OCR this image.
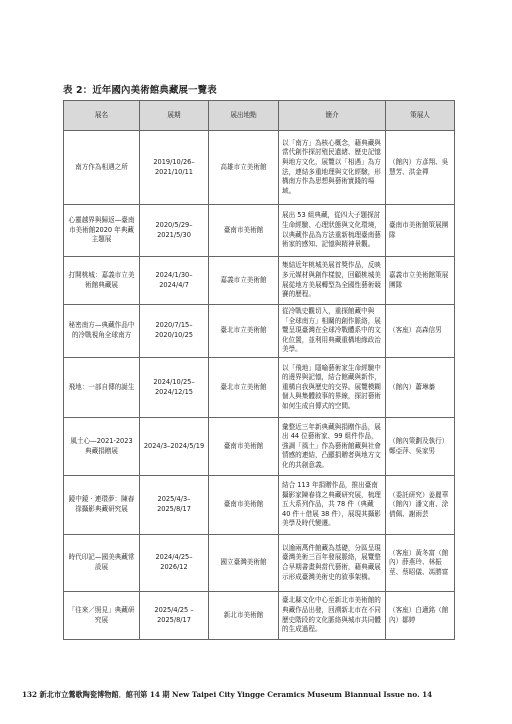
表 2：近年國內美術館典藏展一覽表
展名	展期	展出地點	簡介	策展人
南方作為相遇之所	2019/10/26–2021/10/11	高雄市立美術館	以「南方」為核心概念，藉典藏與當代創作探討殖民遺緒、歷史記憶與地方文化，展覽以「相遇」為方法，連結多重地理與文化經驗，形構南方作為思想與藝術實踐的場域。	（館內）方彥翔、吳慧芳、洪金禪
心靈越界與歸返—臺南市美術館2020 年典藏主題展	2020/5/29–2021/5/30	臺南市美術館	展出 53 組典藏，從四大子題探討生命經驗、心理狀態與文化環境，以典藏作品為方法重新梳理臺南藝術家的感知、記憶與精神景觀。	臺南市美術館策展團隊
打開桃城：嘉義市立美術館典藏展	2024/1/30–2024/4/7	嘉義市立美術館	集結近年桃城美展首獎作品，反映多元媒材與創作樣貌，回顧桃城美展從地方美展轉型為全國性藝術競賽的歷程。	嘉義市立美術館策展團隊
秘密南方—典藏作品中的冷戰視角全球南方	2020/7/15–2020/10/25	臺北市立美術館	從冷戰史觀切入，重探館藏中與「全球南方」相關的創作脈絡，展覽呈現臺灣在全球冷戰體系中的文化位置，並利用典藏重構地緣政治美學。	（客座）高森信男
飛地：一部自傳的誕生	2024/10/25–2024/12/15	臺北市立美術館	以「飛地」隱喻藝術家生命經驗中的邊界與記憶，結合館藏與新作，重構自我與歷史的交界。展覽模糊個人與集體敘事的界線，探討藝術如何生成自傳式的空間。	（館內）蕭琳蓁
風土心—2021-2023 典藏捐贈展	2024/3–2024/5/19	臺南市美術館	彙整近三年新典藏與捐贈作品，展出 44 位藝術家、99 組件作品，強調「風土」作為藝術館藏與社會情感的連結，凸顯捐贈者與地方文化的共創意義。	（館內策劃及執行）鄭亞萍、吳家男
鏡中鏡 ‧ 連環夢：陳春祿攝影典藏研究展	2025/4/3–2025/8/17	臺南市美術館	結合 113 年捐贈作品，推出臺南攝影家陳春祿之典藏研究展，梳理五大系列作品，共 78 件（典藏 40 件＋借展 38 件），展現其攝影美學及時代變遷。	（委託研究）姜麗華（館內）潘文甫、涂倩佩、謝雨芸
時代印記—國美典藏常設展	2024/4/25–2026/12	國立臺灣美術館	以逾兩萬件館藏為基礎，分區呈現臺灣美術三百年發展脈絡，展覽整合早期書畫與當代藝術，藉典藏展示形成臺灣美術史的敘事架構。	（客座）黃冬富（館內）薛燕玲、林振莖、蔡昭儀、馮勝富
「往來／照見」典藏研究展	2025/4/25 – 2025/8/17	新北市美術館	臺北縣文化中心至新北市美術館的典藏作品出發，回溯新北市在不同歷史階段的文化脈絡與城市共同體的生成過程。	（客座）白適銘（館內）鄒婷
132 新北市立鶯歌陶瓷博物館．館刊第 14 期 New Taipei City Yingge Ceramics Museum Biannual Issue no. 14
